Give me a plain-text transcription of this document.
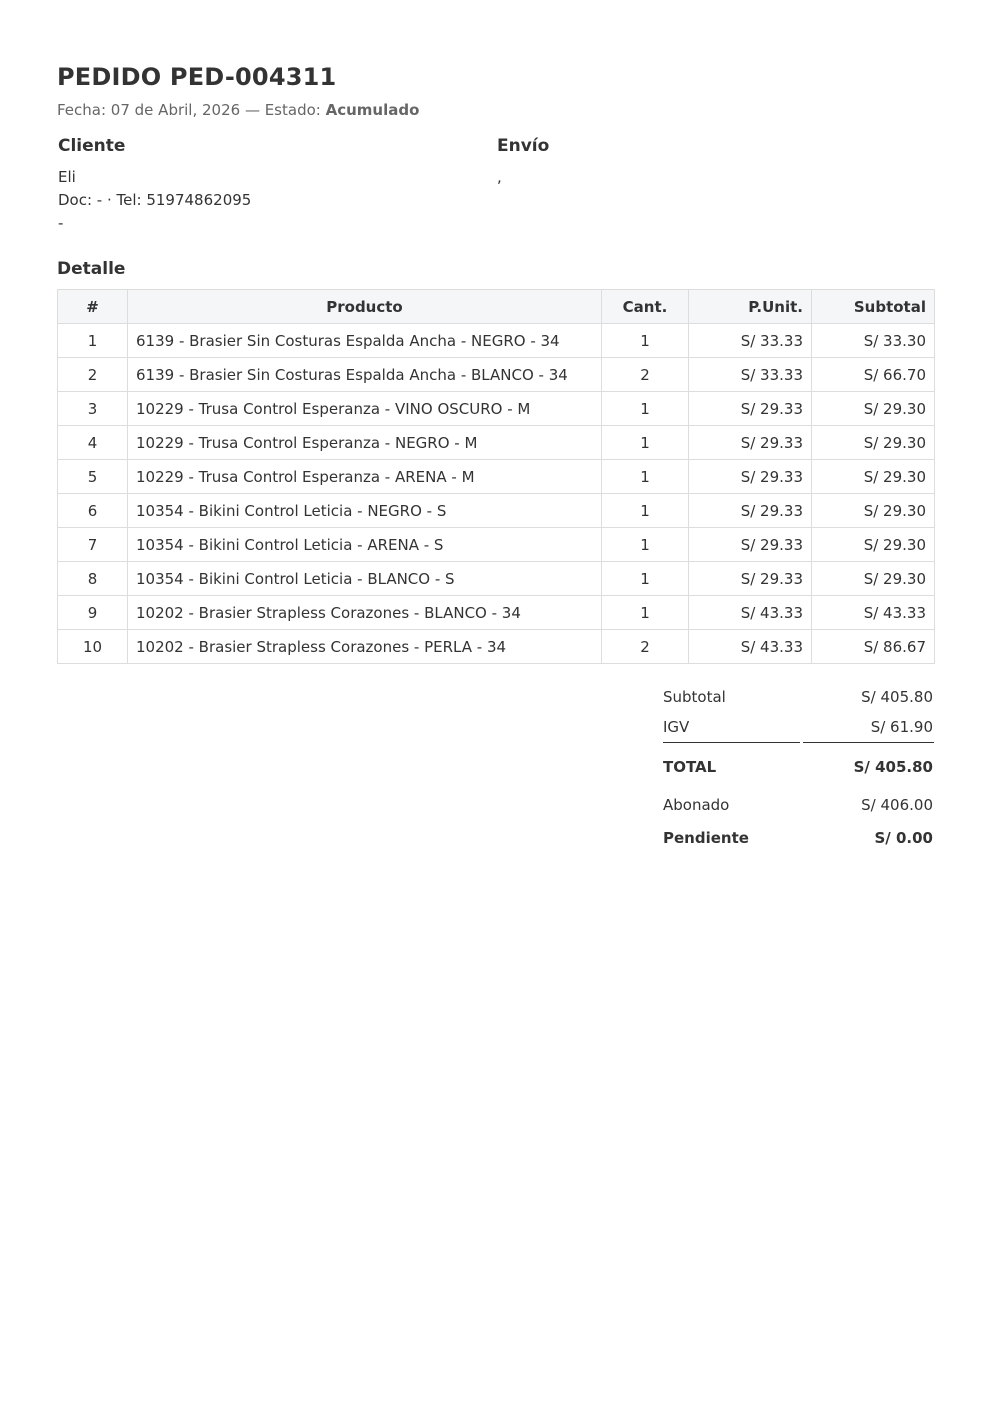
PEDIDO PED-004311
Fecha: 07 de Abril, 2026 — Estado: Acumulado
Cliente
Eli
Doc: - · Tel: 51974862095
-
Envío
,
Detalle
#	Producto	Cant.	P.Unit.	Subtotal
1	6139 - Brasier Sin Costuras Espalda Ancha - NEGRO - 34	1	S/ 33.33	S/ 33.30
2	6139 - Brasier Sin Costuras Espalda Ancha - BLANCO - 34	2	S/ 33.33	S/ 66.70
3	10229 - Trusa Control Esperanza - VINO OSCURO - M	1	S/ 29.33	S/ 29.30
4	10229 - Trusa Control Esperanza - NEGRO - M	1	S/ 29.33	S/ 29.30
5	10229 - Trusa Control Esperanza - ARENA - M	1	S/ 29.33	S/ 29.30
6	10354 - Bikini Control Leticia - NEGRO - S	1	S/ 29.33	S/ 29.30
7	10354 - Bikini Control Leticia - ARENA - S	1	S/ 29.33	S/ 29.30
8	10354 - Bikini Control Leticia - BLANCO - S	1	S/ 29.33	S/ 29.30
9	10202 - Brasier Strapless Corazones - BLANCO - 34	1	S/ 43.33	S/ 43.33
10	10202 - Brasier Strapless Corazones - PERLA - 34	2	S/ 43.33	S/ 86.67
Subtotal	S/ 405.80
IGV	S/ 61.90
TOTAL	S/ 405.80
Abonado	S/ 406.00
Pendiente	S/ 0.00
